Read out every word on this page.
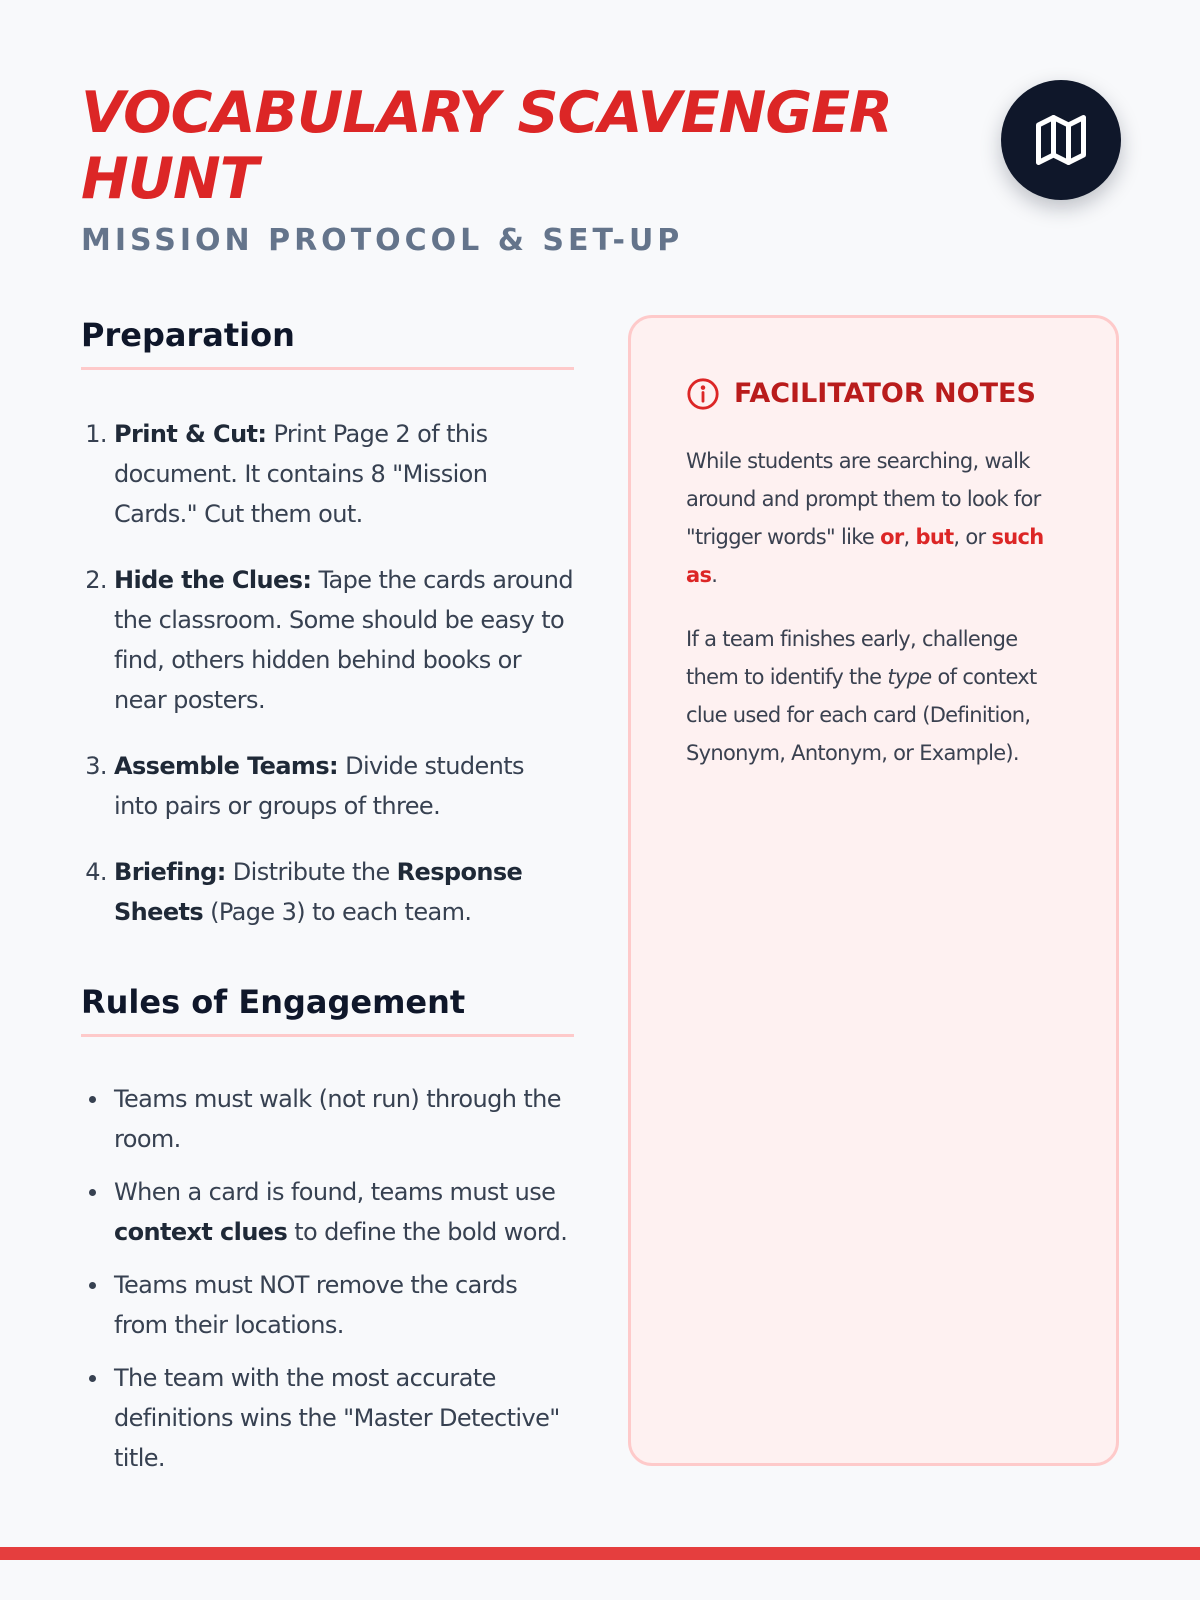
VOCABULARY SCAVENGER HUNT
MISSION PROTOCOL & SET-UP
Preparation
1. Print & Cut: Print Page 2 of this document. It contains 8 "Mission Cards." Cut them out.
2. Hide the Clues: Tape the cards around the classroom. Some should be easy to find, others hidden behind books or near posters.
3. Assemble Teams: Divide students into pairs or groups of three.
4. Briefing: Distribute the Response Sheets (Page 3) to each team.
Rules of Engagement
Teams must walk (not run) through the room.
When a card is found, teams must use context clues to define the bold word.
Teams must NOT remove the cards from their locations.
The team with the most accurate definitions wins the "Master Detective" title.
FACILITATOR NOTES

While students are searching, walk around and prompt them to look for "trigger words" like or, but, or such as.

If a team finishes early, challenge them to identify the type of context clue used for each card (Definition, Synonym, Antonym, or Example).
